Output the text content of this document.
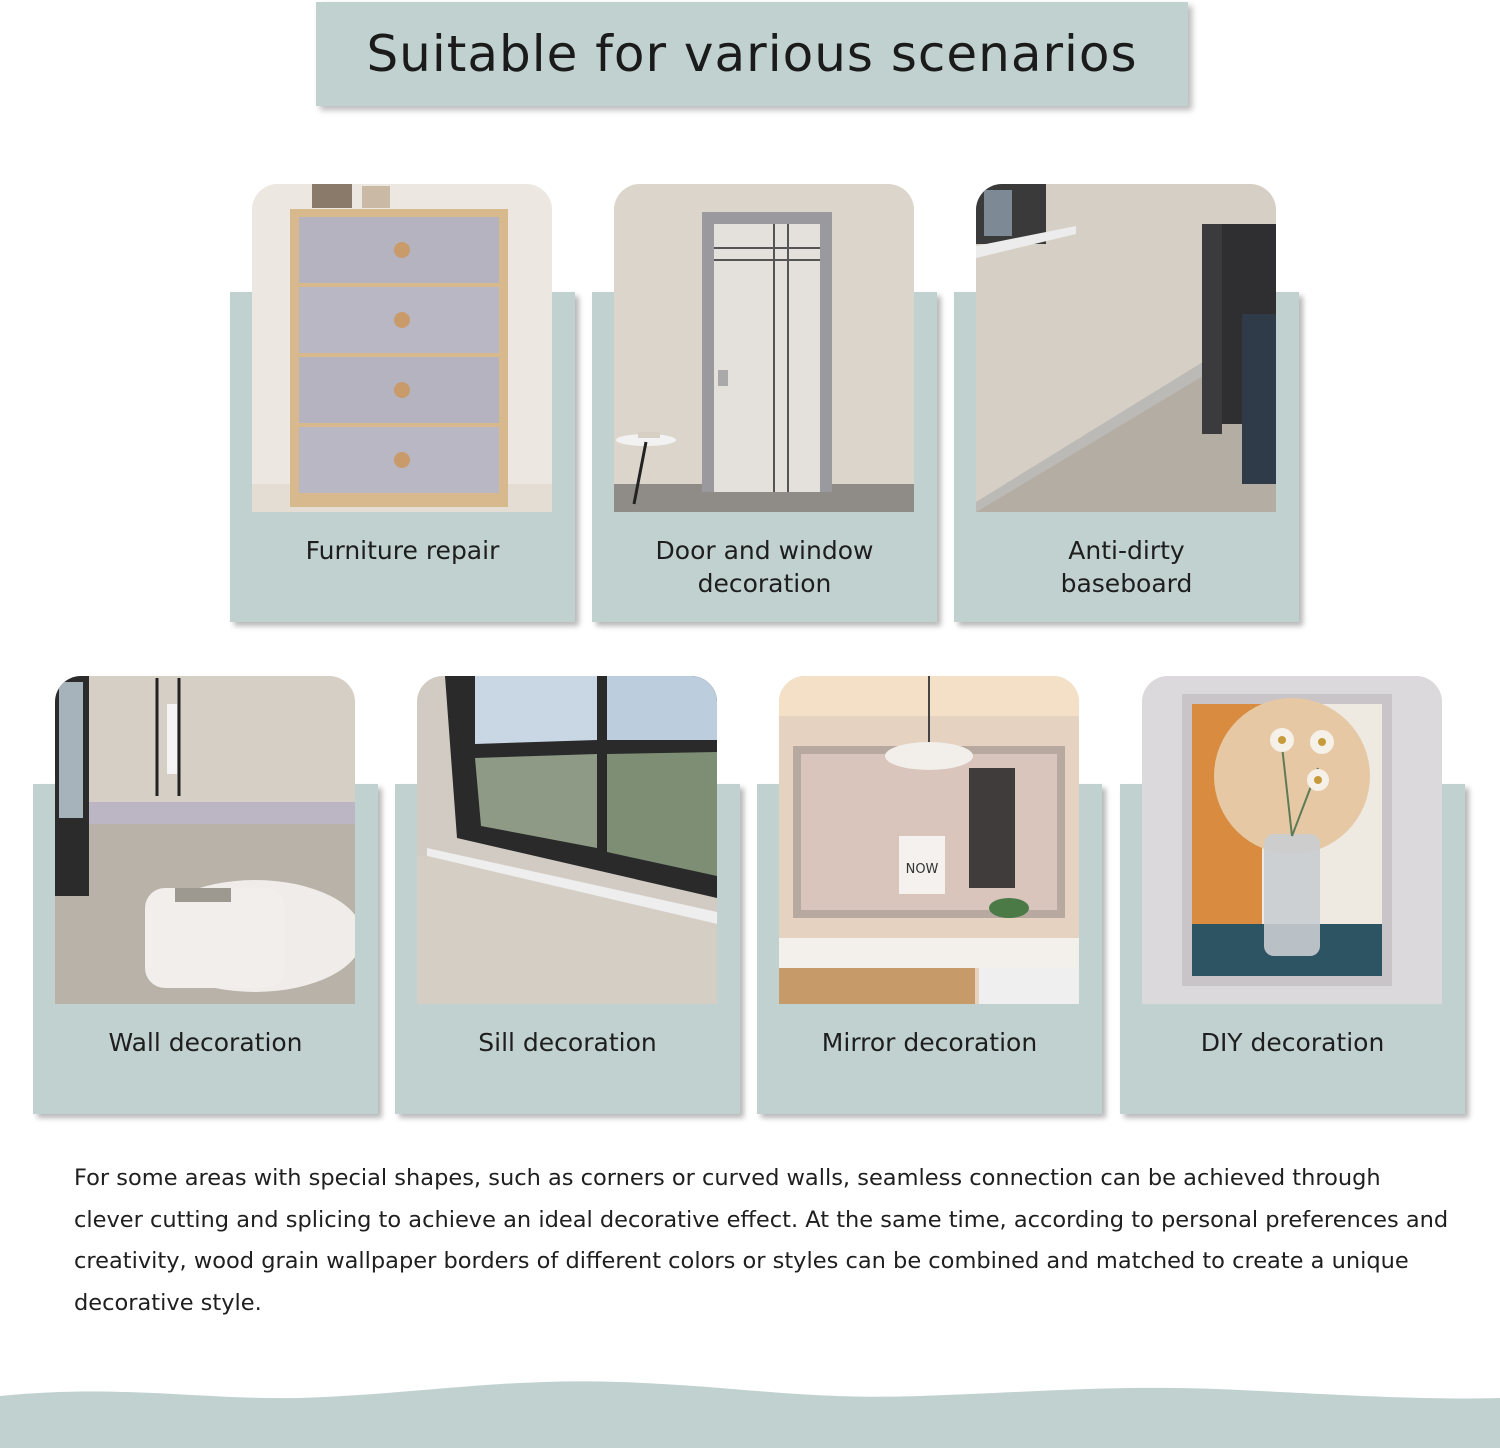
Suitable for various scenarios
Furniture repair	Door and window decoration
Anti-dirty baseboard
Wall decoration	Sill decoration
NOW
Mirror decoration	DIY decoration

For some areas with special shapes, such as corners or curved walls, seamless connection can be achieved through clever cutting and splicing to achieve an ideal decorative effect. At the same time, according to personal preferences and creativity, wood grain wallpaper borders of different colors or styles can be combined and matched to create a unique decorative style.
